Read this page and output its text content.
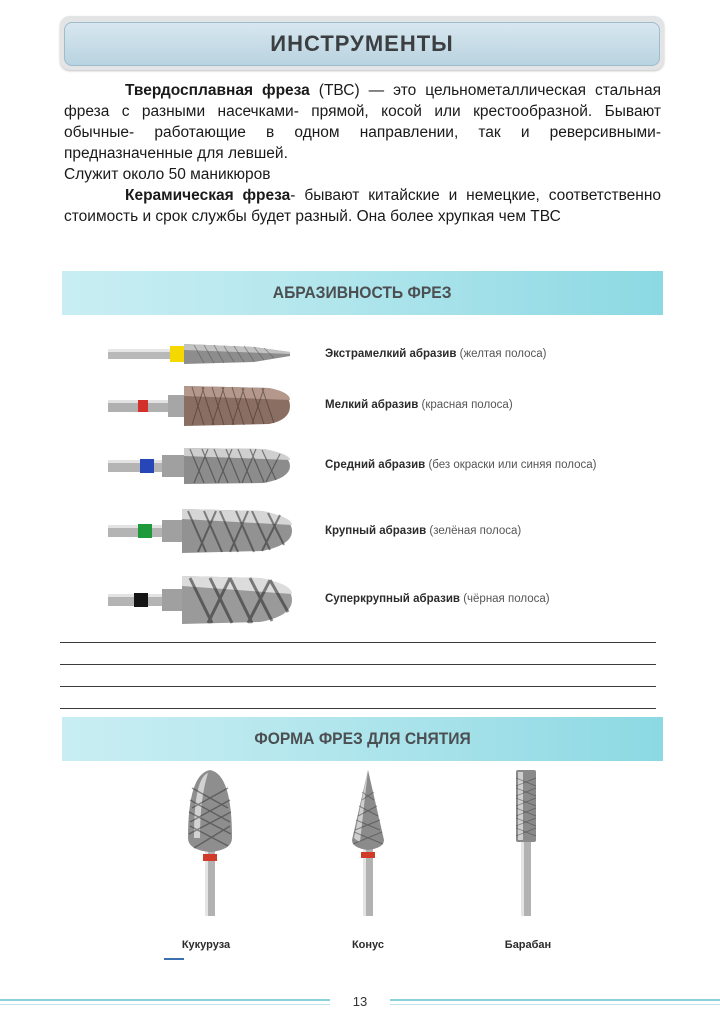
ИНСТРУМЕНТЫ

Твердосплавная фреза (ТВС) — это цельнометаллическая стальная фреза с разными насечками- прямой, косой или крестообразной. Бывают обычные- работающие в одном направлении, так и реверсивными- предназначенные для левшей.

Служит около 50 маникюров

Керамическая фреза- бывают китайские и немецкие, соответственно стоимость и срок службы будет разный. Она более хрупкая чем ТВС

АБРАЗИВНОСТЬ ФРЕЗ
Экстрамелкий абразив (желтая полоса)
Мелкий абразив (красная полоса)
Средний абразив (без окраски или синяя полоса)
Крупный абразив (зелёная полоса)
Суперкрупный абразив (чёрная полоса)
ФОРМА ФРЕЗ ДЛЯ СНЯТИЯ
Кукуруза	Конус	Барабан
13
